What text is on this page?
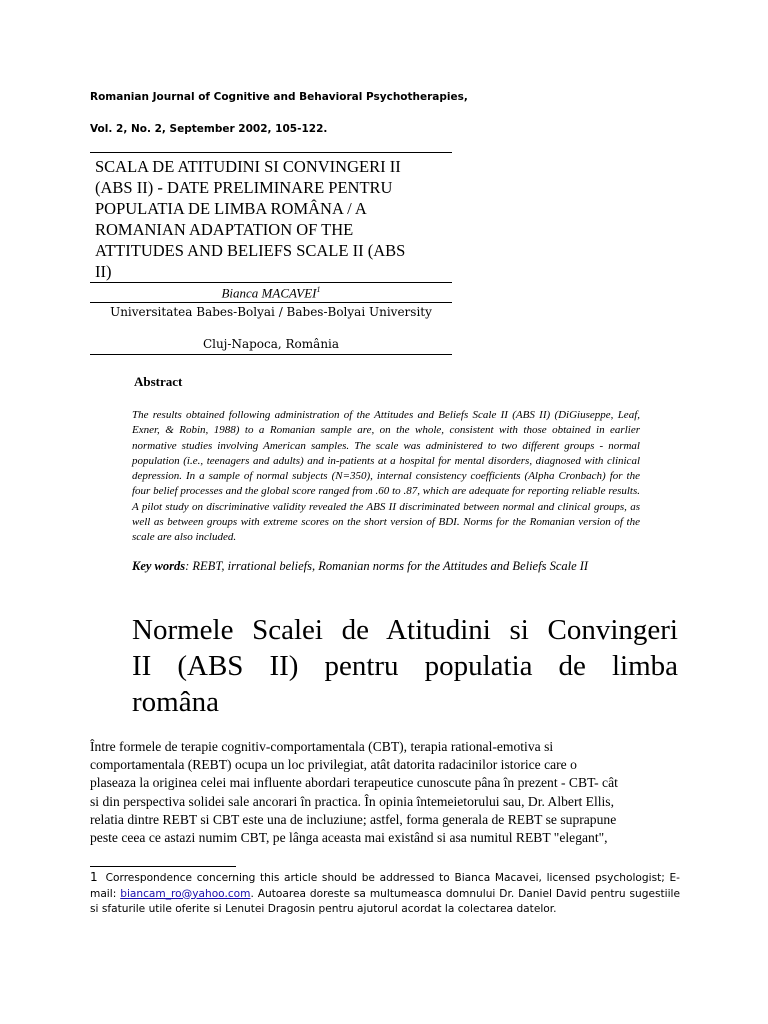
Romanian Journal of Cognitive and Behavioral Psychotherapies,
Vol. 2, No. 2, September 2002, 105-122.
SCALA DE ATITUDINI SI CONVINGERI II
(ABS II) - DATE PRELIMINARE PENTRU
POPULATIA DE LIMBA ROMÂNA / A
ROMANIAN ADAPTATION OF THE
ATTITUDES AND BELIEFS SCALE II (ABS
II)
Bianca MACAVEI$^1$
Universitatea Babes-Bolyai / Babes-Bolyai University
Cluj-Napoca, România
Abstract
The results obtained following administration of the Attitudes and Beliefs Scale II (ABS II) (DiGiuseppe, Leaf, Exner, & Robin, 1988) to a Romanian sample are, on the whole, consistent with those obtained in earlier normative studies involving American samples. The scale was administered to two different groups - normal population (i.e., teenagers and adults) and in-patients at a hospital for mental disorders, diagnosed with clinical depression. In a sample of normal subjects (N=350), internal consistency coefficients (Alpha Cronbach) for the four belief processes and the global score ranged from .60 to .87, which are adequate for reporting reliable results. A pilot study on discriminative validity revealed the ABS II discriminated between normal and clinical groups, as well as between groups with extreme scores on the short version of BDI. Norms for the Romanian version of the scale are also included.
Key words: REBT, irrational beliefs, Romanian norms for the Attitudes and Beliefs Scale II
Normele Scalei de Atitudini si Convingeri
II (ABS II) pentru populatia de limba
româna
Între formele de terapie cognitiv-comportamentala (CBT), terapia rational-emotiva si
comportamentala (REBT) ocupa un loc privilegiat, atât datorita radacinilor istorice care o
plaseaza la originea celei mai influente abordari terapeutice cunoscute pâna în prezent - CBT- cât
si din perspectiva solidei sale ancorari în practica. În opinia întemeietorului sau, Dr. Albert Ellis,
relatia dintre REBT si CBT este una de incluziune; astfel, forma generala de REBT se suprapune
peste ceea ce astazi numim CBT, pe lânga aceasta mai existând si asa numitul REBT "elegant",
1 Correspondence concerning this article should be addressed to Bianca Macavei, licensed psychologist; E-mail: biancam_ro@yahoo.com. Autoarea doreste sa multumeasca domnului Dr. Daniel David pentru sugestiile si sfaturile utile oferite si Lenutei Dragosin pentru ajutorul acordat la colectarea datelor.
